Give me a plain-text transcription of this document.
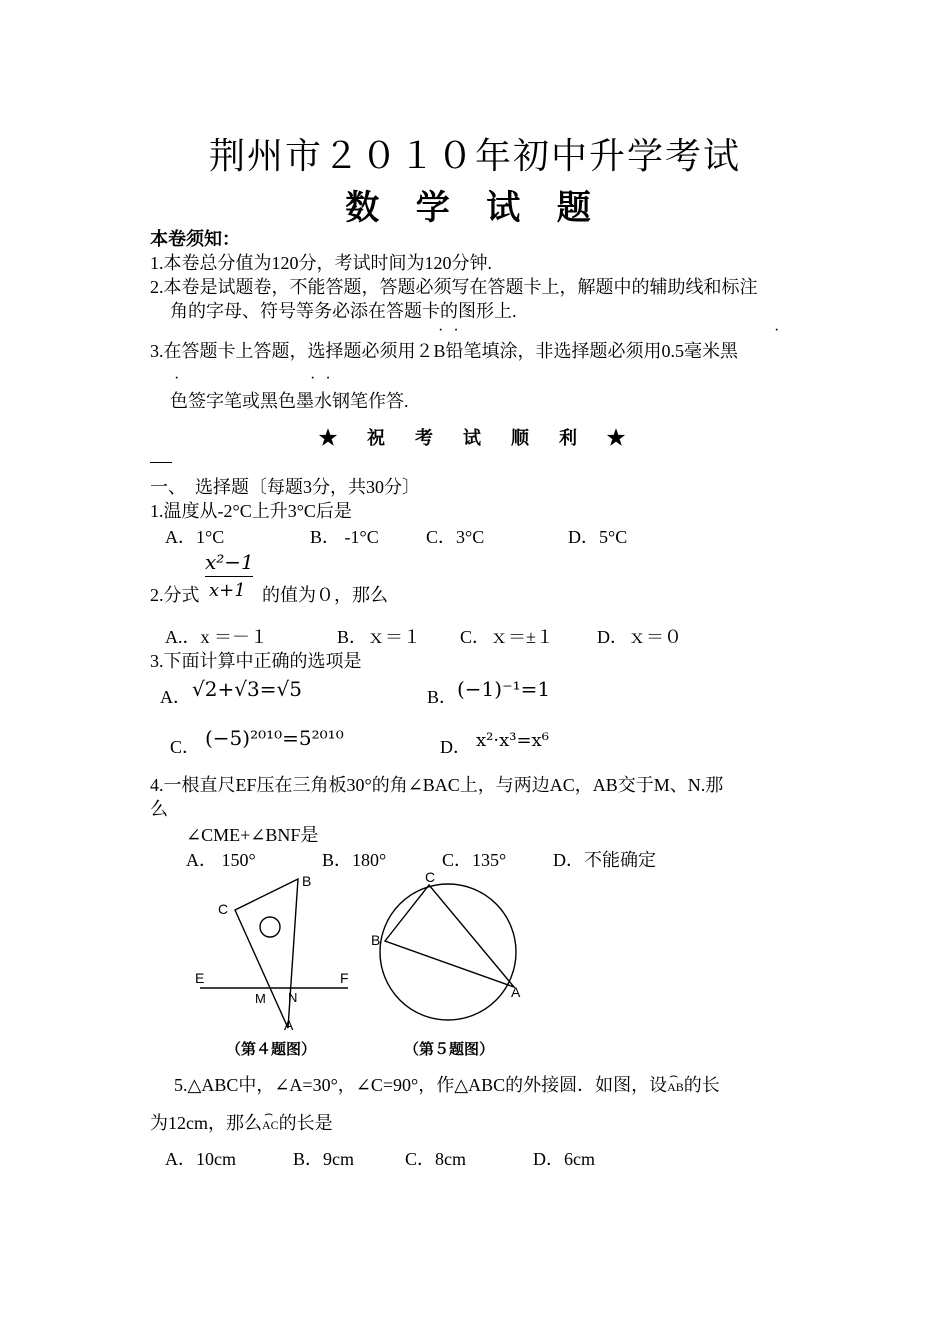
荆州市２０１０年初中升学考试
数 学 试 题
本卷须知：
1.本卷总分值为120分，考试时间为120分钟.
2.本卷是试题卷，不能答题，答题必须写在答题卡上，解题中的辅助线和标注
角的字母、符号等务必添在答题卡的图形上.
··	·
3.在答题卡上答题，选择题必须用２B铅笔填涂，非选择题必须用0.5毫米黑
·	··
色签字笔或黑色墨水钢笔作答.
★　祝　考　试　顺　利　★
一、　选择题〔每题3分，共30分〕
1.温度从-2°C上升3°C后是
A．1°C	B． -1°C	C．3°C	D．5°C
x²−1
x+1
2.分式	的值为０，那么
A.．x ＝－１	B．ｘ＝１ C．ｘ＝±１ D．ｘ＝０
3.下面计算中正确的选项是
A． √2+√3=√5	B． (−1)⁻¹=1
C． (−5)²⁰¹⁰=5²⁰¹⁰	D． x²·x³=x⁶
4.一根直尺EF压在三角板30°的角∠BAC上，与两边AC，AB交于M、N.那
么
∠CME+∠BNF是
A． 150°	B．180°	C．135°	D．不能确定
B
C
E	F
M N
A
（第４题图）
C
B
A
（第５题图）
5.△ABC中，∠A=30°，∠C=90°，作△ABC的外接圆．如图，设⌢ AB的长
为12cm，那么⌢ AC的长是
A．10cm	B．9cm	C．8cm	D．6cm
